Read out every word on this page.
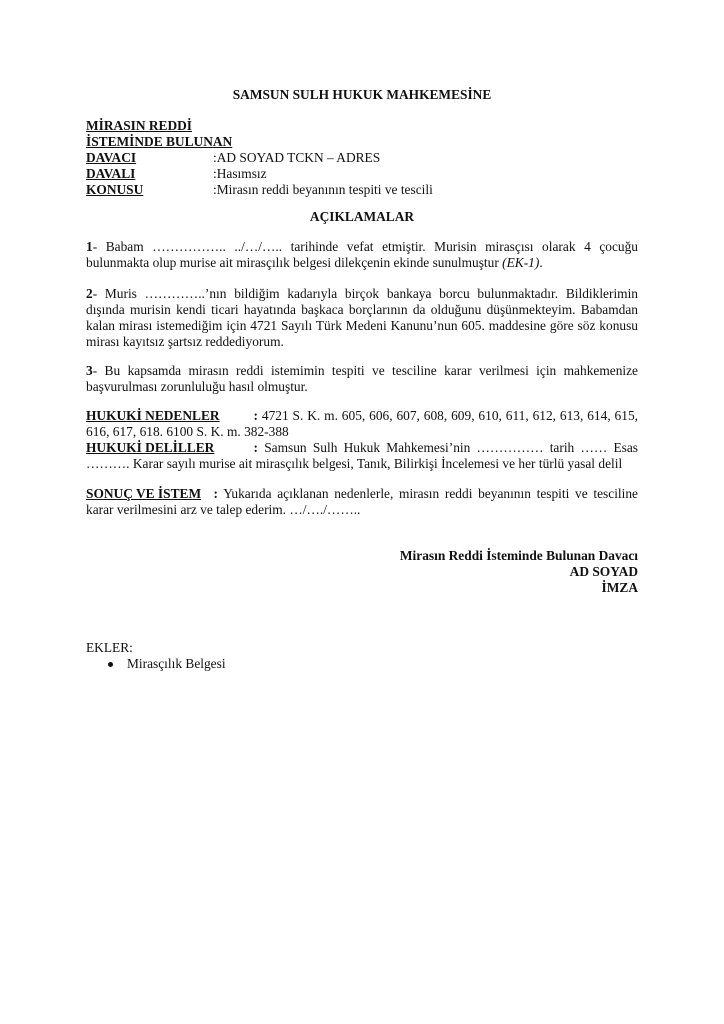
SAMSUN SULH HUKUK MAHKEMESİNE
MİRASIN REDDİ
İSTEMİNDE BULUNAN
DAVACI	:AD SOYAD TCKN – ADRES
DAVALI	:Hasımsız
KONUSU	:Mirasın reddi beyanının tespiti ve tescili
AÇIKLAMALAR
1- Babam …………….. ../…/….. tarihinde vefat etmiştir. Murisin mirasçısı olarak 4 çocuğu bulunmakta olup murise ait mirasçılık belgesi dilekçenin ekinde sunulmuştur (EK-1).
2- Muris …………..’nın bildiğim kadarıyla birçok bankaya borcu bulunmaktadır. Bildiklerimin dışında murisin kendi ticari hayatında başkaca borçlarının da olduğunu düşünmekteyim. Babamdan kalan mirası istemediğim için 4721 Sayılı Türk Medeni Kanunu’nun 605. maddesine göre söz konusu mirası kayıtsız şartsız reddediyorum.
3- Bu kapsamda mirasın reddi istemimin tespiti ve tesciline karar verilmesi için mahkemenize başvurulması zorunluluğu hasıl olmuştur.
HUKUKİ NEDENLER	: 4721 S. K. m. 605, 606, 607, 608, 609, 610, 611, 612, 613, 614, 615, 616, 617, 618. 6100 S. K. m. 382-388
HUKUKİ DELİLLER	: Samsun Sulh Hukuk Mahkemesi’nin …………… tarih …… Esas ………. Karar sayılı murise ait mirasçılık belgesi, Tanık, Bilirkişi İncelemesi ve her türlü yasal delil
SONUÇ VE İSTEM : Yukarıda açıklanan nedenlerle, mirasın reddi beyanının tespiti ve tesciline karar verilmesini arz ve talep ederim. …/…./……..
Mirasın Reddi İsteminde Bulunan Davacı
AD SOYAD
İMZA
EKLER:
Mirasçılık Belgesi
